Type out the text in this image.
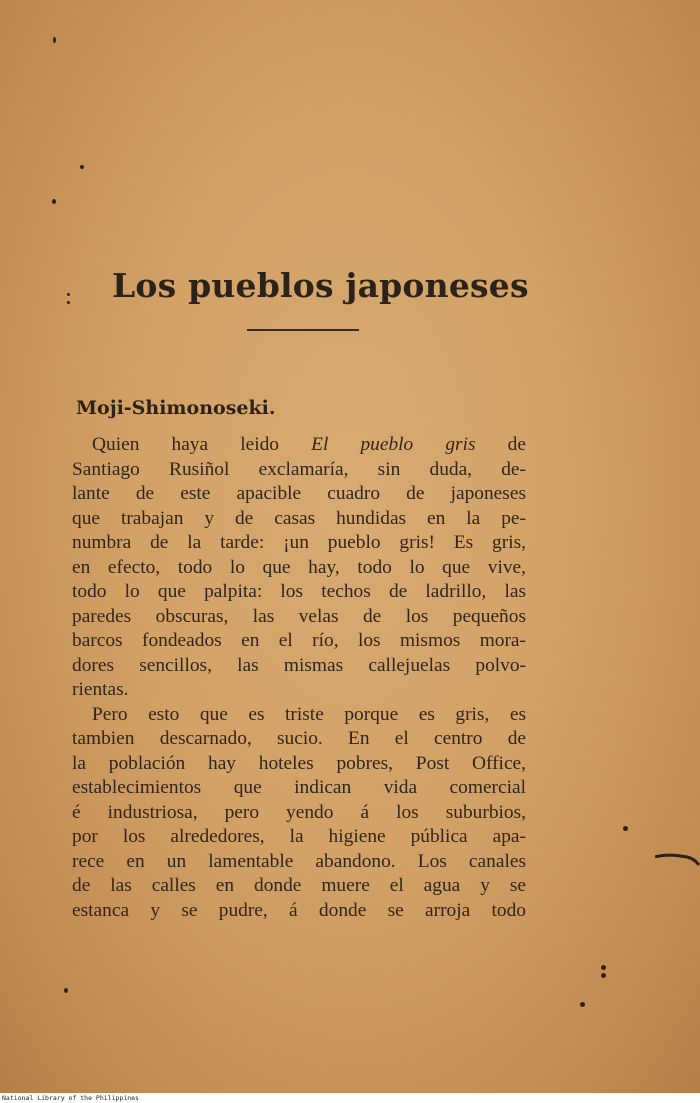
Los pueblos japoneses
Moji-Shimonoseki.
Quien haya leido El pueblo gris de
Santiago Rusiñol exclamaría, sin duda, de-
lante de este apacible cuadro de japoneses
que trabajan y de casas hundidas en la pe-
numbra de la tarde: ¡un pueblo gris! Es gris,
en efecto, todo lo que hay, todo lo que vive,
todo lo que palpita: los techos de ladrillo, las
paredes obscuras, las velas de los pequeños
barcos fondeados en el río, los mismos mora-
dores sencillos, las mismas callejuelas polvo-
rientas.
Pero esto que es triste porque es gris, es
tambien descarnado, sucio. En el centro de
la población hay hoteles pobres, Post Office,
establecimientos que indican vida comercial
é industriosa, pero yendo á los suburbios,
por los alrededores, la higiene pública apa-
rece en un lamentable abandono. Los canales
de las calles en donde muere el agua y se
estanca y se pudre, á donde se arroja todo
National Library of the Philippines
